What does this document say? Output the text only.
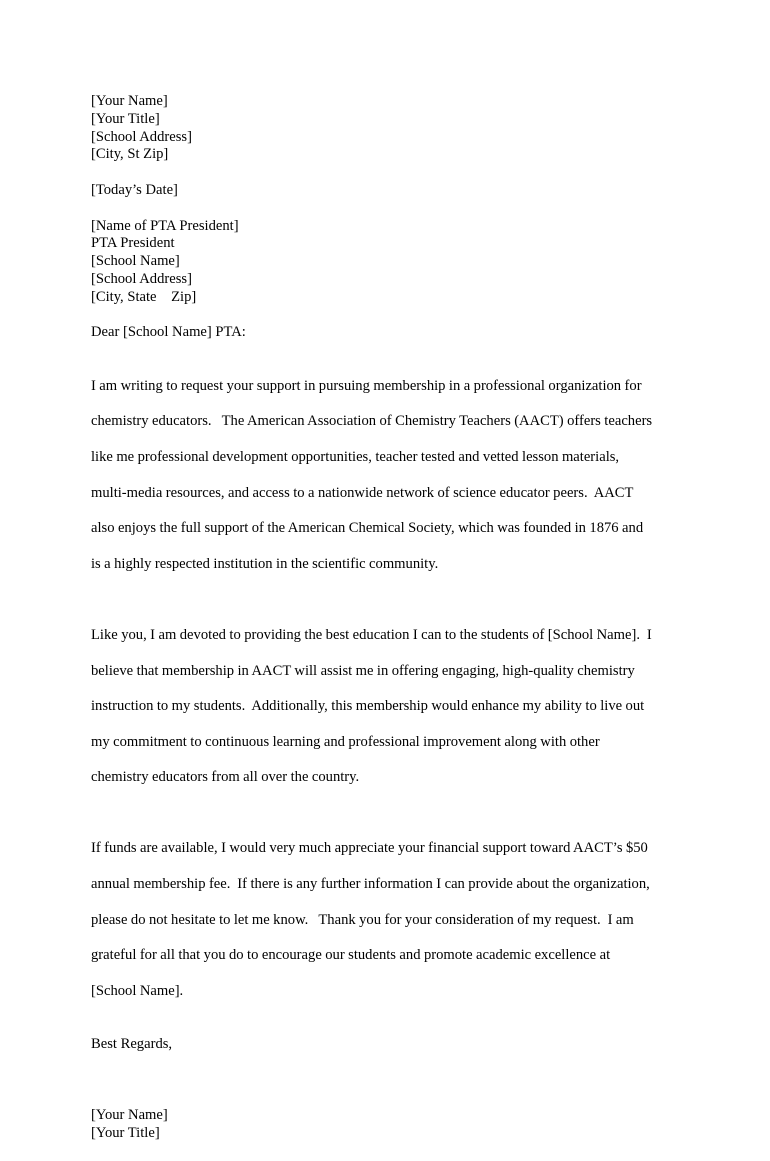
[Your Name]
[Your Title]
[School Address]
[City, St Zip]
[Today’s Date]
[Name of PTA President]
PTA President
[School Name]
[School Address]
[City, State    Zip]
Dear [School Name] PTA:

I am writing to request your support in pursuing membership in a professional organization for

chemistry educators.   The American Association of Chemistry Teachers (AACT) offers teachers

like me professional development opportunities, teacher tested and vetted lesson materials,

multi-media resources, and access to a nationwide network of science educator peers.  AACT

also enjoys the full support of the American Chemical Society, which was founded in 1876 and

is a highly respected institution in the scientific community.

Like you, I am devoted to providing the best education I can to the students of [School Name].  I

believe that membership in AACT will assist me in offering engaging, high-quality chemistry

instruction to my students.  Additionally, this membership would enhance my ability to live out

my commitment to continuous learning and professional improvement along with other

chemistry educators from all over the country.

If funds are available, I would very much appreciate your financial support toward AACT’s $50

annual membership fee.  If there is any further information I can provide about the organization,

please do not hesitate to let me know.   Thank you for your consideration of my request.  I am

grateful for all that you do to encourage our students and promote academic excellence at

[School Name].

Best Regards,
[Your Name]
[Your Title]
